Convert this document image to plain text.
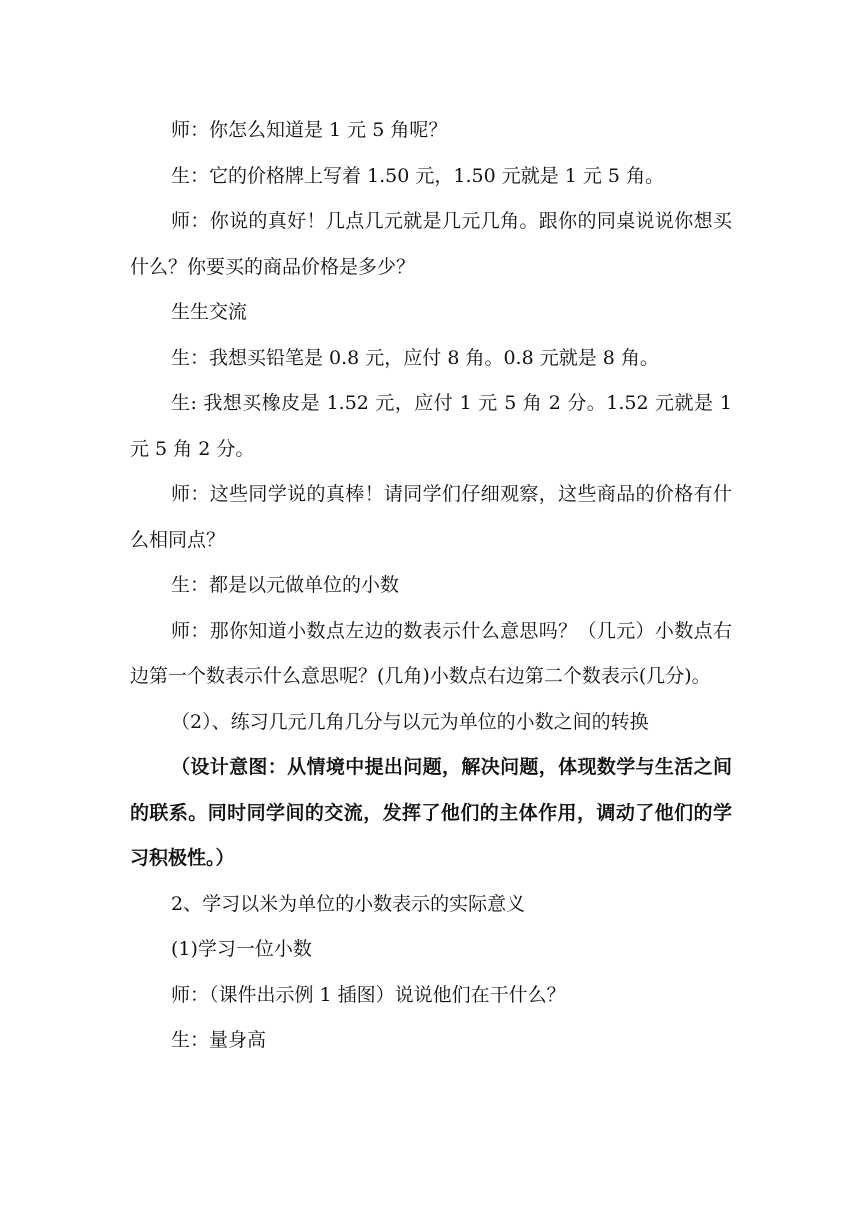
师：你怎么知道是 1 元 5 角呢？

生：它的价格牌上写着 1.50 元，1.50 元就是 1 元 5 角。

师：你说的真好！几点几元就是几元几角。跟你的同桌说说你想买什么？你要买的商品价格是多少？

生生交流

生：我想买铅笔是 0.8 元，应付 8 角。0.8 元就是 8 角。

生: 我想买橡皮是 1.52 元，应付 1 元 5 角 2 分。1.52 元就是 1 元 5 角 2 分。

师：这些同学说的真棒！请同学们仔细观察，这些商品的价格有什么相同点？

生：都是以元做单位的小数

师：那你知道小数点左边的数表示什么意思吗？（几元）小数点右边第一个数表示什么意思呢？(几角)小数点右边第二个数表示(几分)。

（2）、练习几元几角几分与以元为单位的小数之间的转换

（设计意图：从情境中提出问题，解决问题，体现数学与生活之间的联系。同时同学间的交流，发挥了他们的主体作用，调动了他们的学习积极性。）

2、学习以米为单位的小数表示的实际意义

(1)学习一位小数

师：（课件出示例 1 插图）说说他们在干什么？

生：量身高
